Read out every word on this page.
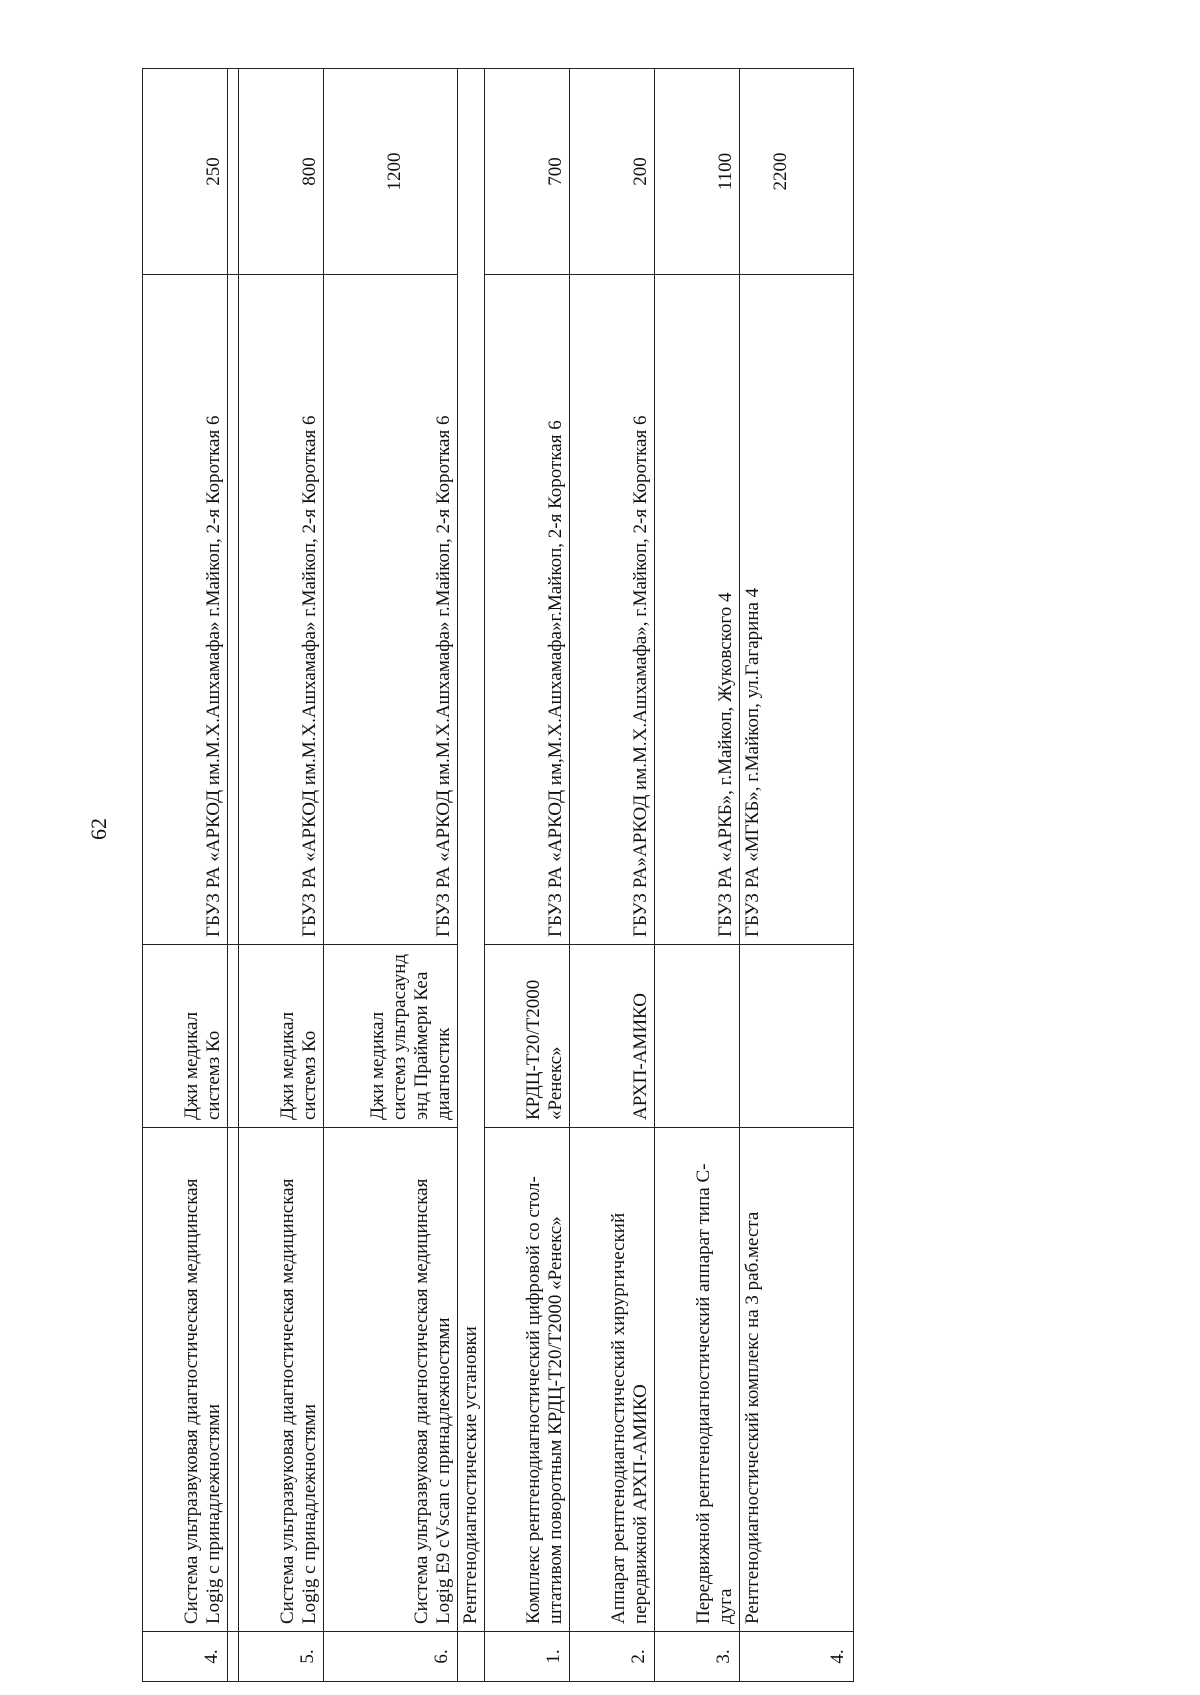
62
4.	Система ультразвуковая диагностическая медицинская Logig с принадлежностями	Джи медикал системз Ко	ГБУЗ РА «АРКОД им.М.Х.Ашхамафа» г.Майкоп, 2-я Короткая 6	250

5.	Система ультразвуковая диагностическая медицинская Logig с принадлежностями	Джи медикал системз Ко	ГБУЗ РА «АРКОД им.М.Х.Ашхамафа» г.Майкоп, 2-я Короткая 6	800
6.	Система ультразвуковая диагностическая медицинская Logig E9 cVscan с принадлежностями	Джи медикал системз ультрасаунд энд Праймери Кеа диагностик	ГБУЗ РА «АРКОД им.М.Х.Ашхамафа» г.Майкоп, 2-я Короткая 6	1200
	Рентгенодиагностические установки			
1.	Комплекс рентгенодиагностический цифровой со стол-штативом поворотным КРДЦ-Т20/Т2000 «Ренекс»	КРДЦ-Т20/Т2000 «Ренекс»	ГБУЗ РА «АРКОД им,М.Х.Ашхамафа»г.Майкоп, 2-я Короткая 6	700
2.	Аппарат рентгенодиагностический хирургический передвижной АРХП-АМИКО	АРХП-АМИКО	ГБУЗ РА»АРКОД им.М.Х.Ашхамафа», г.Майкоп, 2-я Короткая 6	200
3.	Передвижной рентгенодиагностический аппарат типа С-дуга		ГБУЗ РА «АРКБ», г.Майкоп, Жуковского 4	1100
4.	Рентгенодиагностический комплекс на 3 раб.места		ГБУЗ РА «МГКБ», г.Майкоп, ул.Гагарина 4	2200
